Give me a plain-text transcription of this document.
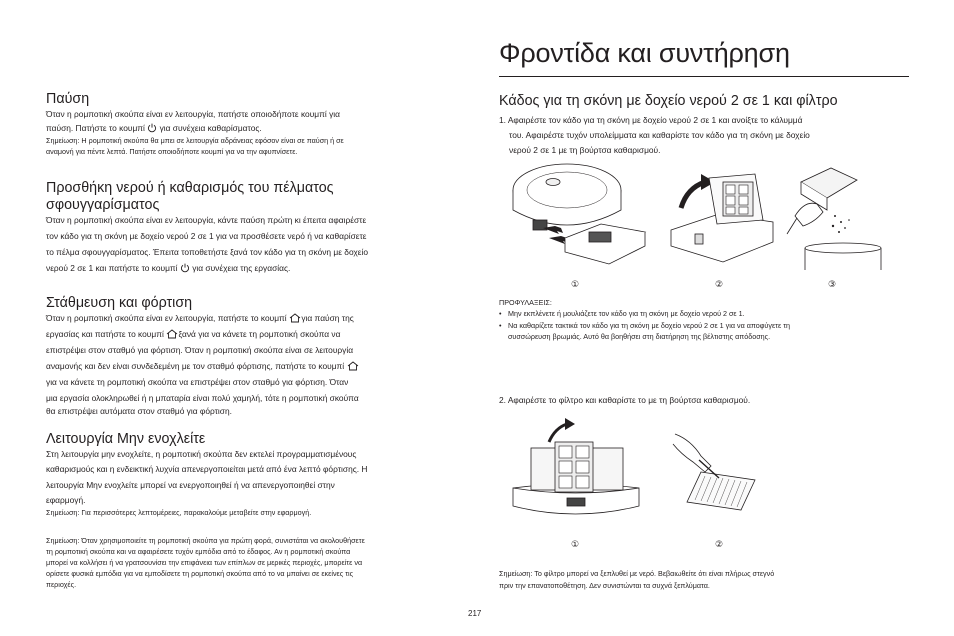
Φροντίδα και συντήρηση
Παύση
Όταν η ρομποτική σκούπα είναι εν λειτουργία, πατήστε οποιοδήποτε κουμπί για
παύση. Πατήστε το κουμπί για συνέχεια καθαρίσματος.
Σημείωση: Η ρομποτική σκούπα θα μπει σε λειτουργία αδράνειας εφόσον είναι σε παύση ή σε
αναμονή για πέντε λεπτά. Πατήστε οποιοδήποτε κουμπί για να την αφυπνίσετε.
Προσθήκη νερού ή καθαρισμός του πέλματος
σφουγγαρίσματος
Όταν η ρομποτική σκούπα είναι εν λειτουργία, κάντε παύση πρώτη κι έπειτα αφαιρέστε
τον κάδο για τη σκόνη με δοχείο νερού 2 σε 1 για να προσθέσετε νερό ή να καθαρίσετε
το πέλμα σφουγγαρίσματος. Έπειτα τοποθετήστε ξανά τον κάδο για τη σκόνη με δοχείο
νερού 2 σε 1 και πατήστε το κουμπί για συνέχεια της εργασίας.
Στάθμευση και φόρτιση
Όταν η ρομποτική σκούπα είναι εν λειτουργία, πατήστε το κουμπί για παύση της
εργασίας και πατήστε το κουμπί ξανά για να κάνετε τη ρομποτική σκούπα να
επιστρέψει στον σταθμό για φόρτιση. Όταν η ρομποτική σκούπα είναι σε λειτουργία
αναμονής και δεν είναι συνδεδεμένη με τον σταθμό φόρτισης, πατήστε το κουμπί
για να κάνετε τη ρομποτική σκούπα να επιστρέψει στον σταθμό για φόρτιση. Όταν
μια εργασία ολοκληρωθεί ή η μπαταρία είναι πολύ χαμηλή, τότε η ρομποτική σκούπα
θα επιστρέψει αυτόματα στον σταθμό για φόρτιση.
Λειτουργία Μην ενοχλείτε
Στη λειτουργία μην ενοχλείτε, η ρομποτική σκούπα δεν εκτελεί προγραμματισμένους
καθαρισμούς και η ενδεικτική λυχνία απενεργοποιείται μετά από ένα λεπτό φόρτισης. Η
λειτουργία Μην ενοχλείτε μπορεί να ενεργοποιηθεί ή να απενεργοποιηθεί στην
εφαρμογή.
Σημείωση: Για περισσότερες λεπτομέρειες, παρακαλούμε μεταβείτε στην εφαρμογή.
Σημείωση: Όταν χρησιμοποιείτε τη ρομποτική σκούπα για πρώτη φορά, συνιστάται να ακολουθήσετε
τη ρομποτική σκούπα και να αφαιρέσετε τυχόν εμπόδια από το έδαφος. Αν η ρομποτική σκούπα
μπορεί να κολλήσει ή να γρατσουνίσει την επιφάνεια των επίπλων σε μερικές περιοχές, μπορείτε να
ορίσετε φυσικά εμπόδια για να εμποδίσετε τη ρομποτική σκούπα από το να μπαίνει σε εκείνες τις
περιοχές.
Κάδος για τη σκόνη με δοχείο νερού 2 σε 1 και φίλτρο
1. Αφαιρέστε τον κάδο για τη σκόνη με δοχείο νερού 2 σε 1 και ανοίξτε το κάλυμμά
του. Αφαιρέστε τυχόν υπολείμματα και καθαρίστε τον κάδο για τη σκόνη με δοχείο
νερού 2 σε 1 με τη βούρτσα καθαρισμού.
①	②	③
ΠΡΟΦΥΛΑΞΕΙΣ:
• Μην εκπλένετε ή μουλιάζετε τον κάδο για τη σκόνη με δοχείο νερού 2 σε 1.
• Να καθαρίζετε τακτικά τον κάδο για τη σκόνη με δοχείο νερού 2 σε 1 για να αποφύγετε τη
συσσώρευση βρωμιάς. Αυτό θα βοηθήσει στη διατήρηση της βέλτιστης απόδοσης.
2. Αφαιρέστε το φίλτρο και καθαρίστε το με τη βούρτσα καθαρισμού.
①	②
Σημείωση: Το φίλτρο μπορεί να ξεπλυθεί με νερό. Βεβαιωθείτε ότι είναι πλήρως στεγνό
πριν την επανατοποθέτηση. Δεν συνιστώνται τα συχνά ξεπλύματα.
217
